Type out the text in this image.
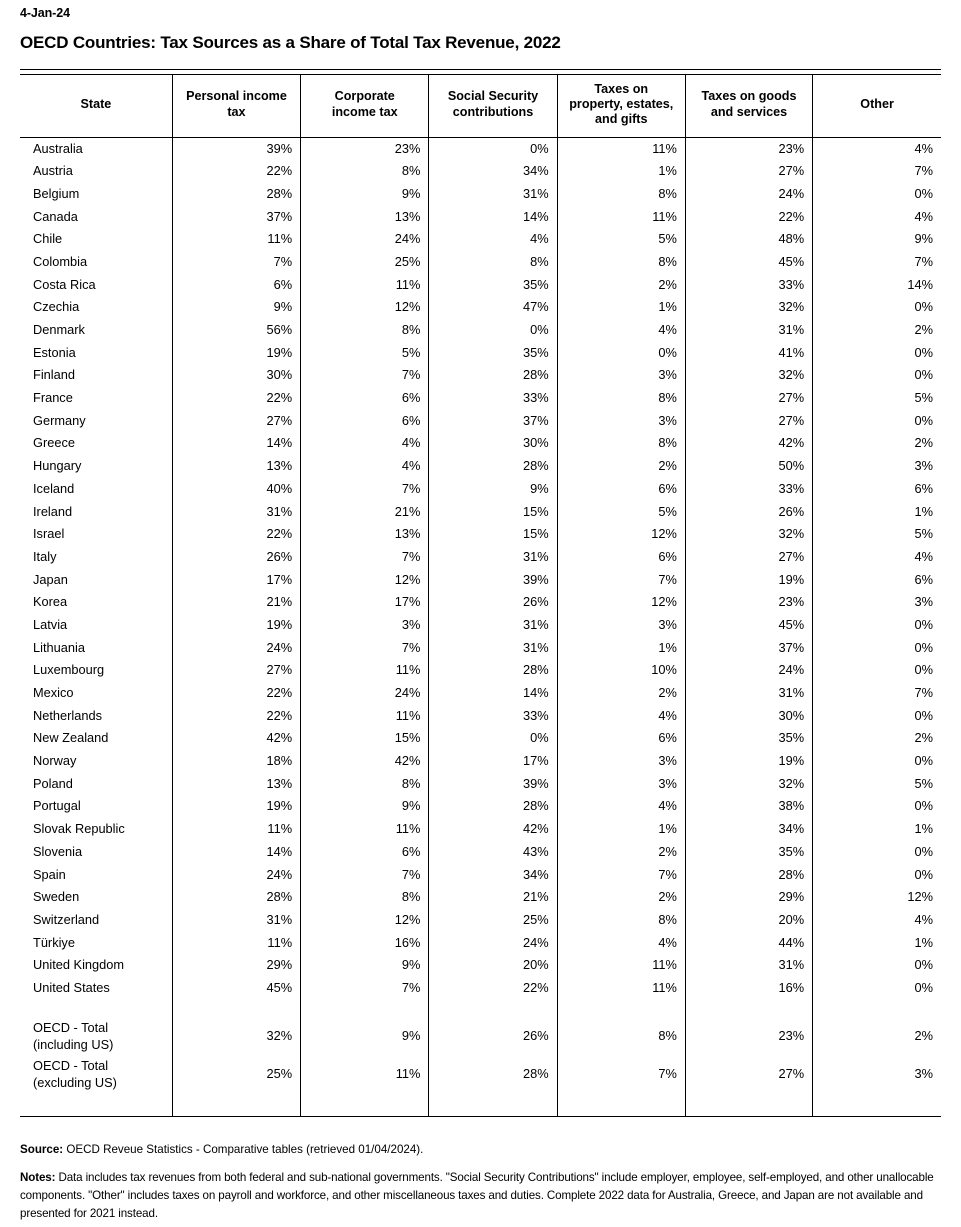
4-Jan-24
OECD Countries: Tax Sources as a Share of Total Tax Revenue, 2022

State	Personal income
tax	Corporate
income tax	Social Security
contributions	Taxes on
property, estates,
and gifts	Taxes on goods
and services	Other
Australia	39%	23%	0%	11%	23%	4%
Austria	22%	8%	34%	1%	27%	7%
Belgium	28%	9%	31%	8%	24%	0%
Canada	37%	13%	14%	11%	22%	4%
Chile	11%	24%	4%	5%	48%	9%
Colombia	7%	25%	8%	8%	45%	7%
Costa Rica	6%	11%	35%	2%	33%	14%
Czechia	9%	12%	47%	1%	32%	0%
Denmark	56%	8%	0%	4%	31%	2%
Estonia	19%	5%	35%	0%	41%	0%
Finland	30%	7%	28%	3%	32%	0%
France	22%	6%	33%	8%	27%	5%
Germany	27%	6%	37%	3%	27%	0%
Greece	14%	4%	30%	8%	42%	2%
Hungary	13%	4%	28%	2%	50%	3%
Iceland	40%	7%	9%	6%	33%	6%
Ireland	31%	21%	15%	5%	26%	1%
Israel	22%	13%	15%	12%	32%	5%
Italy	26%	7%	31%	6%	27%	4%
Japan	17%	12%	39%	7%	19%	6%
Korea	21%	17%	26%	12%	23%	3%
Latvia	19%	3%	31%	3%	45%	0%
Lithuania	24%	7%	31%	1%	37%	0%
Luxembourg	27%	11%	28%	10%	24%	0%
Mexico	22%	24%	14%	2%	31%	7%
Netherlands	22%	11%	33%	4%	30%	0%
New Zealand	42%	15%	0%	6%	35%	2%
Norway	18%	42%	17%	3%	19%	0%
Poland	13%	8%	39%	3%	32%	5%
Portugal	19%	9%	28%	4%	38%	0%
Slovak Republic	11%	11%	42%	1%	34%	1%
Slovenia	14%	6%	43%	2%	35%	0%
Spain	24%	7%	34%	7%	28%	0%
Sweden	28%	8%	21%	2%	29%	12%
Switzerland	31%	12%	25%	8%	20%	4%
Türkiye	11%	16%	24%	4%	44%	1%
United Kingdom	29%	9%	20%	11%	31%	0%
United States	45%	7%	22%	11%	16%	0%

OECD - Total
(including US)	32%	9%	26%	8%	23%	2%
OECD - Total
(excluding US)	25%	11%	28%	7%	27%	3%

Source: OECD Reveue Statistics - Comparative tables (retrieved 01/04/2024).
Notes: Data includes tax revenues from both federal and sub-national governments. "Social Security Contributions" include employer, employee, self-employed, and other unallocable components. "Other" includes taxes on payroll and workforce, and other miscellaneous taxes and duties. Complete 2022 data for Australia, Greece, and Japan are not available and presented for 2021 instead.
